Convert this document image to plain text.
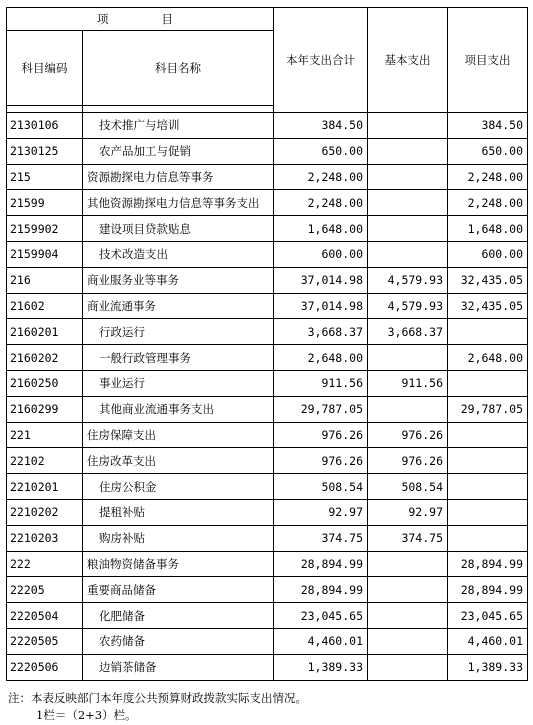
项　　目		本年支出合计	基本支出	项目支出
科目编码	科目名称			

2130106	技术推广与培训	384.50		384.50
2130125	农产品加工与促销	650.00		650.00
215	资源勘探电力信息等事务	2,248.00		2,248.00
21599	其他资源勘探电力信息等事务支出	2,248.00		2,248.00
2159902	建设项目贷款贴息	1,648.00		1,648.00
2159904	技术改造支出	600.00		600.00
216	商业服务业等事务	37,014.98	4,579.93	32,435.05
21602	商业流通事务	37,014.98	4,579.93	32,435.05
2160201	行政运行	3,668.37	3,668.37	
2160202	一般行政管理事务	2,648.00		2,648.00
2160250	事业运行	911.56	911.56	
2160299	其他商业流通事务支出	29,787.05		29,787.05
221	住房保障支出	976.26	976.26	
22102	住房改革支出	976.26	976.26	
2210201	住房公积金	508.54	508.54	
2210202	提租补贴	92.97	92.97	
2210203	购房补贴	374.75	374.75	
222	粮油物资储备事务	28,894.99		28,894.99
22205	重要商品储备	28,894.99		28,894.99
2220504	化肥储备	23,045.65		23,045.65
2220505	农药储备	4,460.01		4,460.01
2220506	边销茶储备	1,389.33		1,389.33
注：本表反映部门本年度公共预算财政拨款实际支出情况。
1栏＝（2+3）栏。
